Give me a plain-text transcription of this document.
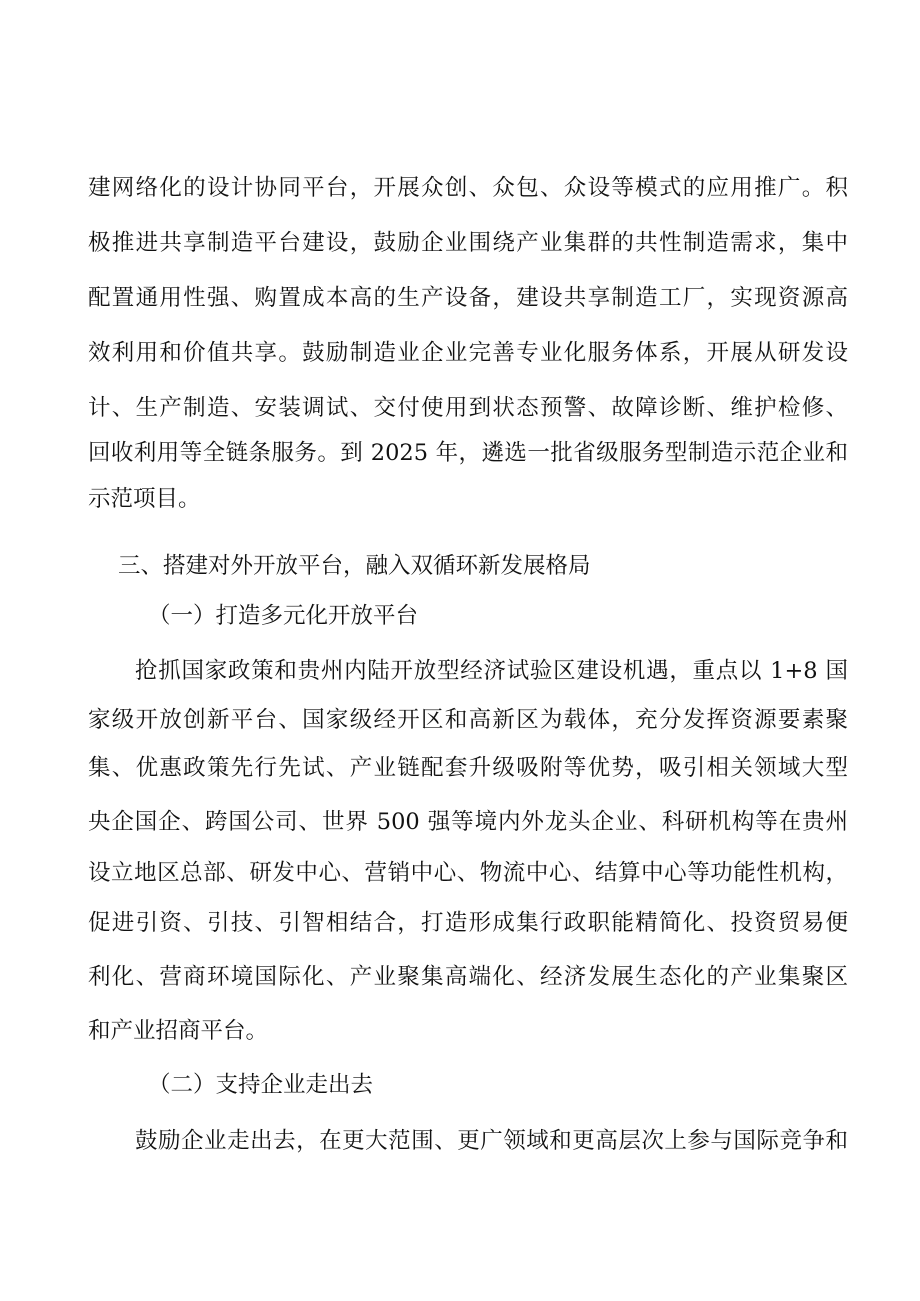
建网络化的设计协同平台，开展众创、众包、众设等模式的应用推广。积
极推进共享制造平台建设，鼓励企业围绕产业集群的共性制造需求，集中
配置通用性强、购置成本高的生产设备，建设共享制造工厂，实现资源高
效利用和价值共享。鼓励制造业企业完善专业化服务体系，开展从研发设
计、生产制造、安装调试、交付使用到状态预警、故障诊断、维护检修、
回收利用等全链条服务。到 2025 年，遴选一批省级服务型制造示范企业和
示范项目。
三、搭建对外开放平台，融入双循环新发展格局
（一）打造多元化开放平台
抢抓国家政策和贵州内陆开放型经济试验区建设机遇，重点以 1+8 国
家级开放创新平台、国家级经开区和高新区为载体，充分发挥资源要素聚
集、优惠政策先行先试、产业链配套升级吸附等优势，吸引相关领域大型
央企国企、跨国公司、世界 500 强等境内外龙头企业、科研机构等在贵州
设立地区总部、研发中心、营销中心、物流中心、结算中心等功能性机构，
促进引资、引技、引智相结合，打造形成集行政职能精简化、投资贸易便
利化、营商环境国际化、产业聚集高端化、经济发展生态化的产业集聚区
和产业招商平台。
（二）支持企业走出去
鼓励企业走出去，在更大范围、更广领域和更高层次上参与国际竞争和
